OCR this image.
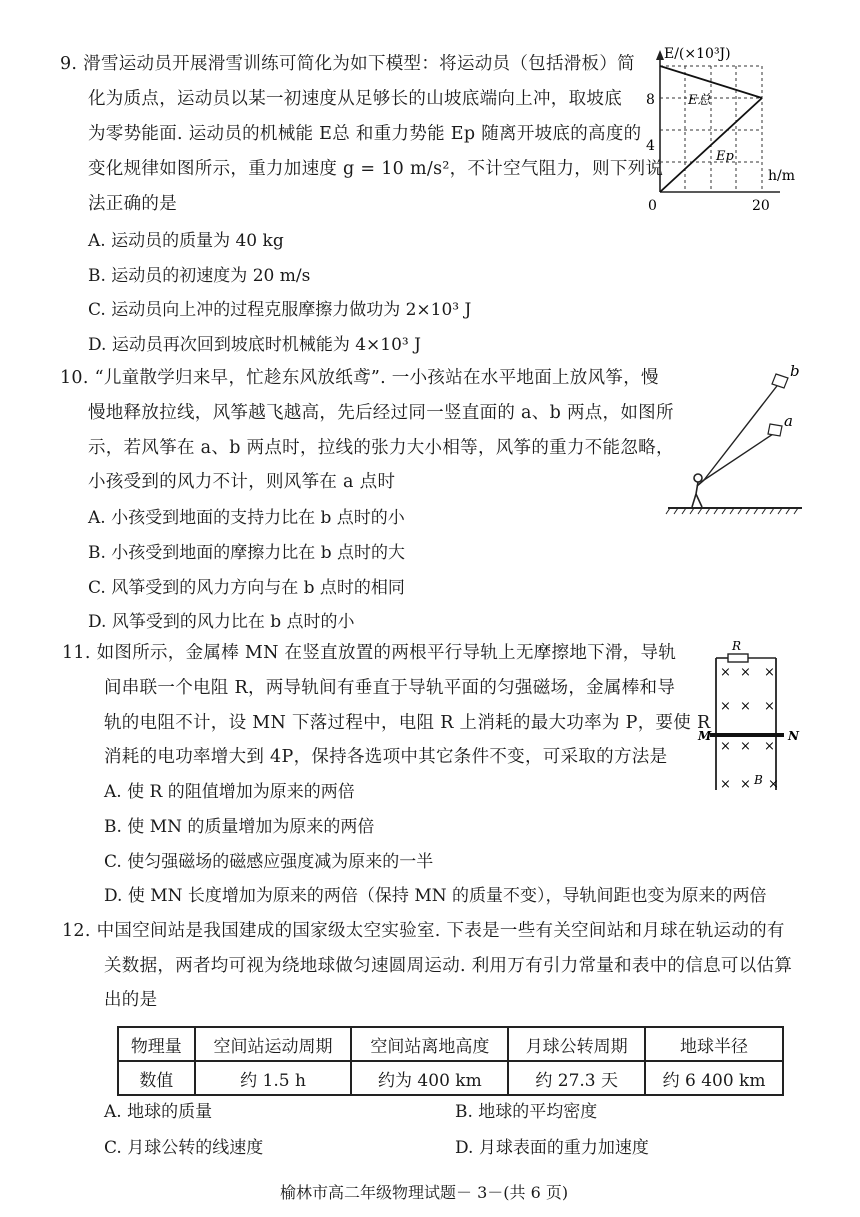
9. 滑雪运动员开展滑雪训练可简化为如下模型：将运动员（包括滑板）简
化为质点，运动员以某一初速度从足够长的山坡底端向上冲，取坡底
为零势能面. 运动员的机械能 E总 和重力势能 Ep 随离开坡底的高度的
变化规律如图所示，重力加速度 g = 10 m/s²，不计空气阻力，则下列说
法正确的是
A. 运动员的质量为 40 kg
B. 运动员的初速度为 20 m/s
C. 运动员向上冲的过程克服摩擦力做功为 2×10³ J
D. 运动员再次回到坡底时机械能为 4×10³ J
E/(×10³J)
h/m
8
4
0	20
E总
Ep
10. “儿童散学归来早，忙趁东风放纸鸢”. 一小孩站在水平地面上放风筝，慢
慢地释放拉线，风筝越飞越高，先后经过同一竖直面的 a、b 两点，如图所
示，若风筝在 a、b 两点时，拉线的张力大小相等，风筝的重力不能忽略，
小孩受到的风力不计，则风筝在 a 点时
A. 小孩受到地面的支持力比在 b 点时的小
B. 小孩受到地面的摩擦力比在 b 点时的大
C. 风筝受到的风力方向与在 b 点时的相同
D. 风筝受到的风力比在 b 点时的小
b
a
11. 如图所示，金属棒 MN 在竖直放置的两根平行导轨上无摩擦地下滑，导轨
间串联一个电阻 R，两导轨间有垂直于导轨平面的匀强磁场，金属棒和导
轨的电阻不计，设 MN 下落过程中，电阻 R 上消耗的最大功率为 P，要使 R
消耗的电功率增大到 4P，保持各选项中其它条件不变，可采取的方法是
A. 使 R 的阻值增加为原来的两倍
B. 使 MN 的质量增加为原来的两倍
C. 使匀强磁场的磁感应强度减为原来的一半
D. 使 MN 长度增加为原来的两倍（保持 MN 的质量不变），导轨间距也变为原来的两倍
R
M	N
B
× × ×
× × ×
× × ×
× × ×
12. 中国空间站是我国建成的国家级太空实验室. 下表是一些有关空间站和月球在轨运动的有
关数据，两者均可视为绕地球做匀速圆周运动. 利用万有引力常量和表中的信息可以估算
出的是
物理量	空间站运动周期	空间站离地高度	月球公转周期	地球半径
数值	约 1.5 h	约为 400 km	约 27.3 天	约 6 400 km
A. 地球的质量	B. 地球的平均密度
C. 月球公转的线速度	D. 月球表面的重力加速度
榆林市高二年级物理试题－ 3－(共 6 页)
